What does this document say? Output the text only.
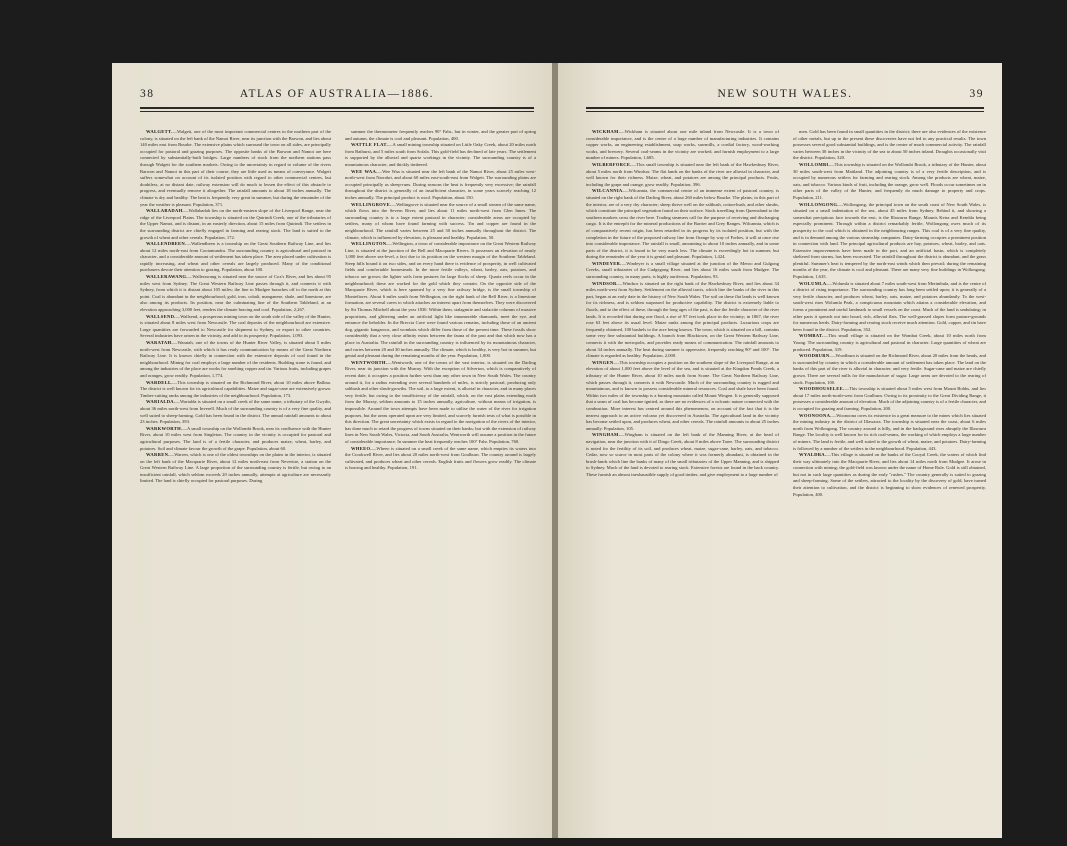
38	ATLAS OF AUSTRALIA—1886.

WALGETT.—Walgett, one of the most important commercial centres in the northern part of the colony, is situated on the left bank of the Namoi River, near its junction with the Barwon, and lies about 140 miles east from Bourke. The extensive plains which surround the town on all sides, are principally occupied for pastoral and grazing purposes. The opposite banks of the Barwon and Namoi are here connected by substantially-built bridges. Large numbers of stock from the northern stations pass through Walgett for the southern markets. Owing to the uncertainty in regard to volume of the rivers Barwon and Namoi in this part of their course, they are little used as means of conveyance. Walgett suffers somewhat on account of its isolated position with regard to other commercial centres, but doubtless, at no distant date, railway extension will do much to lessen the effect of this obstacle to progress, and eventually remove it altogether. The rainfall amounts to about 18 inches annually. The climate is dry and healthy. The heat is frequently very great in summer, but during the remainder of the year the weather is pleasant. Population, 371.

WALLABADAH.—Wallabadah lies on the north-eastern slope of the Liverpool Range, near the ridge of the Liverpool Plains. The township is situated on the Quirindi Creek, one of the tributaries of the Upper Namoi, and is distant, in an easterly direction, about 15 miles from Quirindi. The settlers in the surrounding district are chiefly engaged in farming and rearing stock. The land is suited to the growth of wheat and other cereals. Population, 172.

WALLENDBEEN.—Wallendbeen is a township on the Great Southern Railway Line, and lies about 12 miles north-east from Cootamundra. The surrounding country is agricultural and pastoral in character, and a considerable amount of settlement has taken place. The area placed under cultivation is rapidly increasing, and wheat and other cereals are largely produced. Many of the conditional purchasers devote their attention to grazing. Population, about 100.

WALLERAWANG.—Wallerawang is situated near the source of Cox's River, and lies about 95 miles west from Sydney. The Great Western Railway Line passes through it, and connects it with Sydney, from which it is distant about 105 miles; the line to Mudgee branches off to the north at this point. Coal is abundant in the neighbourhood; gold, iron, cobalt, manganese, shale, and limestone, are also among its products. Its position, near the culminating line of the Southern Tableland, at an elevation approaching 3,000 feet, renders the climate bracing and cool. Population, 2,267.

WALLSEND.—Wallsend, a prosperous mining town on the south side of the valley of the Hunter, is situated about 8 miles west from Newcastle. The coal deposits of the neighbourhood are extensive. Large quantities are forwarded to Newcastle for shipment to Sydney, or export to other countries. Several industries have arisen in the vicinity, and add to its prosperity. Population, 1,093.

WARATAH.—Waratah, one of the towns of the Hunter River Valley, is situated about 5 miles north-west from Newcastle, with which it has ready communication by means of the Great Northern Railway Line. It is known chiefly in connection with the extensive deposits of coal found in the neighbourhood. Mining for coal employs a large number of the residents. Building stone is found, and among the industries of the place are works for smelting copper and tin. Various fruits, including grapes and oranges, grow readily. Population, 1,774.

WARDELL.—This township is situated on the Richmond River, about 10 miles above Ballina. The district is well known for its agricultural capabilities. Maize and sugar-cane are extensively grown. Timber-cutting ranks among the industries of the neighbourhood. Population, 173.

WARIALDA.—Warialda is situated on a small creek of the same name, a tributary of the Gwydir, about 36 miles north-west from Inverell. Much of the surrounding country is of a very fine quality, and well suited to sheep-farming. Gold has been found in the district. The annual rainfall amounts to about 23 inches. Population, 393.

WARKWORTH.—A small township on the Wollombi Brook, near its confluence with the Hunter River, about 10 miles west from Singleton. The country in the vicinity is occupied for pastoral and agricultural purposes. The land is of a fertile character, and produces maize, wheat, barley, and potatoes. Soil and climate favour the growth of the grape. Population, about 60.

WARREN.—Warren, which is one of the oldest townships on the plains in the interior, is situated on the left bank of the Macquarie River, about 12 miles north-east from Nevertire, a station on the Great Western Railway Line. A large proportion of the surrounding country is fertile, but owing to an insufficient rainfall, which seldom exceeds 20 inches annually, attempts at agriculture are necessarily limited. The land is chiefly occupied for pastoral purposes. During

summer the thermometer frequently reaches 90° Fahr., but in winter, and the greater part of spring and autumn, the climate is cool and pleasant. Population, 400.

WATTLE FLAT.—A small mining township situated on Little Oaky Creek, about 20 miles north from Bathurst, and 5 miles south from Sofala. This gold-field has declined of late years. The settlement is supported by the alluvial and quartz workings in the vicinity. The surrounding country is of a mountainous character, and thickly timbered.

WEE WAA.—Wee Waa is situated near the left bank of the Namoi River, about 25 miles west-north-west from Narrabri, and about 60 miles east-south-east from Walgett. The surrounding plains are occupied principally as sheep-runs. During seasons the heat is frequently very excessive; the rainfall throughout the district is generally of an insufficient character, in some years scarcely reaching 12 inches annually. The principal product is wool. Population, about 150.

WELLINGROVE.—Wellingrove is situated near the source of a small stream of the same name, which flows into the Severn River, and lies about 11 miles north-west from Glen Innes. The surrounding country is to a large extent pastoral in character; considerable areas are occupied by settlers, many of whom have found farming with success. Tin and copper are found in the neighbourhood. The rainfall varies between 25 and 30 inches annually throughout the district. The climate, which is influenced by elevation, is pleasant and healthy. Population, 50.

WELLINGTON.—Wellington, a town of considerable importance on the Great Western Railway Line, is situated at the junction of the Bell and Macquarie Rivers. It possesses an elevation of nearly 1,000 feet above sea-level, a fact due to its position on the western margin of the Southern Tableland. Steep hills bound it on two sides, and on every hand there is evidence of prosperity, in well cultivated fields and comfortable homesteads. In the more fertile valleys, wheat, barley, oats, potatoes, and tobacco are grown; the lighter soils form pastures for large flocks of sheep. Quartz reefs occur in the neighbourhood; these are worked for the gold which they contain. On the opposite side of the Macquarie River, which is here spanned by a very fine railway bridge, is the small township of Montefiores. About 6 miles south from Wellington, on the right bank of the Bell River, is a limestone formation, are several caves to which attaches an interest apart from themselves. They were discovered by Sir Thomas Mitchell about the year 1830. Within them, stalagmite and stalactite columns of massive proportions, and glittering under an artificial light like innumerable diamonds, meet the eye, and entrance the beholder. In the Breccia Cave were found various remains, including those of an ancient dog, gigantic kangaroos, and wombats which differ from those of the present time. These fossils show considerably that a very close affinity exists between the fauna of the past and that which now has a place in Australia. The rainfall in the surrounding country is influenced by its mountainous character, and varies between 20 and 30 inches annually. The climate, which is healthy, is very hot in summer, but genial and pleasant during the remaining months of the year. Population, 1,800.

WENTWORTH.—Wentworth, one of the towns of the vast interior, is situated on the Darling River, near its junction with the Murray. With the exception of Silverton, which is comparatively of recent date, it occupies a position further west than any other town in New South Wales. The country around it, for a radius extending over several hundreds of miles, is strictly pastoral, producing only saltbush and other shrub-growths. The soil, to a large extent, is alluvial in character, and in many places very fertile, but owing to the insufficiency of the rainfall, which, on the vast plains extending north from the Murray, seldom amounts to 15 inches annually, agriculture, without means of irrigation, is impossible. Around the town attempts have been made to utilise the water of the river for irrigation purposes, but the areas operated upon are very limited, and scarcely furnish tests of what is possible in this direction. The great uncertainty which exists in regard to the navigation of the rivers of the interior, has done much to retard the progress of towns situated on their banks; but with the extension of railway lines in New South Wales, Victoria, and South Australia, Wentworth will assume a position in the future of considerable importance. In summer the heat frequently reaches 100° Fahr. Population, 760.

WHEEO.—Wheeo is situated on a small creek of the same name, which empties its waters into the Crookwell River, and lies about 20 miles north-west from Goulburn. The country around is largely cultivated, and produces wheat and other cereals. English fruits and flowers grow readily. The climate is bracing and healthy. Population, 191.

NEW SOUTH WALES.	39

WICKHAM.—Wickham is situated about one mile inland from Newcastle. It is a town of considerable importance, and is the centre of a large number of manufacturing industries. It contains copper works, an engineering establishment, soap works, sawmills, a cordial factory, wood-working works, and brewery. Several coal-seams in the vicinity are worked, and furnish employment to a large number of miners. Population, 1,685.

WILBERFORCE.—This small township is situated near the left bank of the Hawkesbury River, about 5 miles north from Windsor. The flat lands on the banks of the river are alluvial in character, and well known for their richness. Maize, wheat, and potatoes are among the principal products. Fruits, including the grape and orange, grow readily. Population, 396.

WILCANNIA.—Wilcannia, the commercial centre of an immense extent of pastoral country, is situated on the right bank of the Darling River, about 260 miles below Bourke. The plains, in this part of the interior, are of a very dry character; sheep thrive well on the saltbush, cotton-bush, and other shrubs, which constitute the principal vegetation found on their surface. Stock travelling from Queensland to the southern markets cross the river here. Trading steamers call for the purpose of receiving and discharging cargo. It is the entrepôt for the mineral productions of the Barrier and Grey Ranges. Wilcannia, which is of comparatively recent origin, has been retarded in its progress by its isolated position, but with the completion in the future of the proposed railway line from Orange by way of Forbes, it will at once rise into considerable importance. The rainfall is small, amounting to about 10 inches annually, and in some parts of the district, it is found to be very much less. The climate is exceedingly hot in summer, but during the remainder of the year it is genial and pleasant. Population, 1,424.

WINDEYER.—Windeyer is a small village situated at the junction of the Meroo and Gulgong Creeks, small tributaries of the Cudgegong River, and lies about 16 miles south from Mudgee. The surrounding country, in many parts, is highly auriferous. Population, 93.

WINDSOR.—Windsor is situated on the right bank of the Hawkesbury River, and lies about 34 miles north-west from Sydney. Settlement on the alluvial tracts, which line the banks of the river in this part, began at an early date in the history of New South Wales. The soil on these flat lands is well known for its richness, and is seldom surpassed for productive capability. The district is extremely liable to floods, and to the effect of these, through the long ages of the past, is due the fertile character of the river lands. It is recorded that during one flood, a rise of 97 feet took place in the vicinity; in 1867, the river rose 63 feet above its usual level. Maize ranks among the principal products. Luxurious crops are frequently obtained, 100 bushels to the acre being known. The town, which is situated on a hill, contains some very fine substantial buildings. A branch from Blacktown, on the Great Western Railway Line, connects it with the metropolis, and provides ready means of communication. The rainfall amounts to about 34 inches annually. The heat during summer is oppressive, frequently reaching 90° and 100°. The climate is regarded as healthy. Population, 2,000.

WINGEN.—This township occupies a position on the southern slope of the Liverpool Range, at an elevation of about 1,000 feet above the level of the sea, and is situated at the Kingdon Ponds Creek, a tributary of the Hunter River, about 10 miles north from Scone. The Great Northern Railway Line, which passes through it, connects it with Newcastle. Much of the surrounding country is rugged and mountainous, and is known to possess considerable mineral resources. Coal and shale have been found. Within two miles of the township is a burning mountain called Mount Wingen. It is generally supposed that a seam of coal has become ignited, as there are no evidences of a volcanic nature connected with the combustion. More interest has centred around this phenomenon, on account of the fact that it is the nearest approach to an active volcano yet discovered in Australia. The agricultural land in the vicinity has become settled upon, and produces wheat, and other cereals. The rainfall amounts to about 25 inches annually. Population, 105.

WINGHAM.—Wingham is situated on the left bank of the Manning River, at the head of navigation, near the junction with it of Dingo Creek, about 8 miles above Taree. The surrounding district is noted for the fertility of its soil, and produces wheat, maize, sugar-cane, barley, oats, and tobacco. Cedar, now so scarce in most parts of the colony where it was formerly abundant, is obtained in the brush-lands which line the banks of many of the small tributaries of the Upper Manning, and is shipped to Sydney. Much of the land is devoted to rearing stock. Extensive forests are found in the back country. These furnish an almost inexhaustible supply of good timber, and give employment to a large number of

men. Gold has been found in small quantities in the district; there are also evidences of the existence of other metals, but up to the present these discoveries have not led to any practical results. The town possesses several good substantial buildings, and is the centre of much commercial activity. The rainfall varies between 30 inches in the vicinity of the sea to about 50 inches inland. Droughts occasionally visit the district. Population, 320.

WOLLOMBI.—This township is situated on the Wollombi Brook, a tributary of the Hunter, about 30 miles south-west from Maitland. The adjoining country is of a very fertile description, and is occupied by numerous settlers for farming and rearing stock. Among the products are wheat, maize, oats, and tobacco. Various kinds of fruit, including the orange, grow well. Floods occur sometimes on in other parts of the valley of the Hunter, and frequently do much damage to property and crops. Population, 211.

WOLLONGONG.—Wollongong, the principal town on the south coast of New South Wales, is situated on a small indentation of the sea, about 45 miles from Sydney. Behind it, and showing a somewhat precipitous face towards the east, is the Illawarra Range, Mounts Keira and Kembla being especially prominent. Through within a district remarkably fertile, Wollongong owes much of its prosperity to the coal which is obtained in the neighbouring ranges. This coal is of a very fine quality, and is in demand among the various steamship companies. Dairy-farming occupies a prominent position in connection with land. The principal agricultural products are hay, potatoes, wheat, barley, and oats. Extensive improvements have been made in the port, and an artificial basin, which is completely sheltered from storms, has been excavated. The rainfall throughout the district is abundant, and the grass plentiful. Summer's heat is tempered by the north-east winds which then prevail; during the remaining months of the year, the climate is cool and pleasant. There are many very fine buildings in Wollongong. Population, 1,635.

WOLUMLA.—Wolumla is situated about 7 miles south-west from Merimbula, and is the centre of a district of rising importance. The surrounding country has long been settled upon; it is generally of a very fertile character, and produces wheat, barley, oats, maize, and potatoes abundantly. To the west-south-west rises Wolumla Peak, a conspicuous mountain which attains a considerable elevation, and forms a prominent and useful landmark to small vessels on the coast. Much of the land is undulating; in other parts it spreads out into broad, rich, alluvial flats. The well-grassed slopes form pasture-grounds for numerous herds. Dairy-farming and rearing stock receive much attention. Gold, copper, and tin have been found in the district. Population, 352.

WOMBAT.—This small village is situated on the Wombat Creek, about 10 miles north from Young. The surrounding country is agricultural and pastoral in character. Large quantities of wheat are produced. Population, 319.

WOODBURN.—Woodburn is situated on the Richmond River, about 20 miles from the heads, and is surrounded by country in which a considerable amount of settlement has taken place. The land on the banks of this part of the river is alluvial in character, and very fertile. Sugar-cane and maize are chiefly grown. There are several mills for the manufacture of sugar. Large areas are devoted to the rearing of stock. Population, 100.

WOODHOUSELEE.—This township is situated about 5 miles west from Mount Bobbs, and lies about 17 miles north-north-west from Goulburn. Owing to its proximity to the Great Dividing Range, it possesses a considerable amount of elevation. Much of the adjoining country is of a fertile character, and is occupied for grazing and farming. Population, 200.

WOONOONA.—Woonoona owes its existence in a great measure to the mines which lies situated the mining industry in the district of Illawarra. The township is situated near the coast, about 6 miles north from Wollongong. The country around is hilly, and in the background rises abruptly the Illawarra Range. The locality is well known for its rich coal-seams, the working of which employs a large number of miners. The land is fertile, and well suited to the growth of wheat, maize, and potatoes. Dairy-farming is followed by a number of the settlers in the neighbourhood. Population, 443.

WYALDRA.—This village is situated on the banks of the Cooyal Creek, the waters of which find their way ultimately into the Macquarie River, and lies about 14 miles north from Mudgee. It arose in connection with mining; the gold-field was known under the name of Home Rule. Gold is still obtained, but not in such large quantities as during the early "rushes." The country generally is suited to grazing and sheep-farming. Some of the settlers, attracted to the locality by the discovery of gold, have turned their attention to cultivation, and the district is beginning to show evidences of renewed prosperity. Population, 400.
